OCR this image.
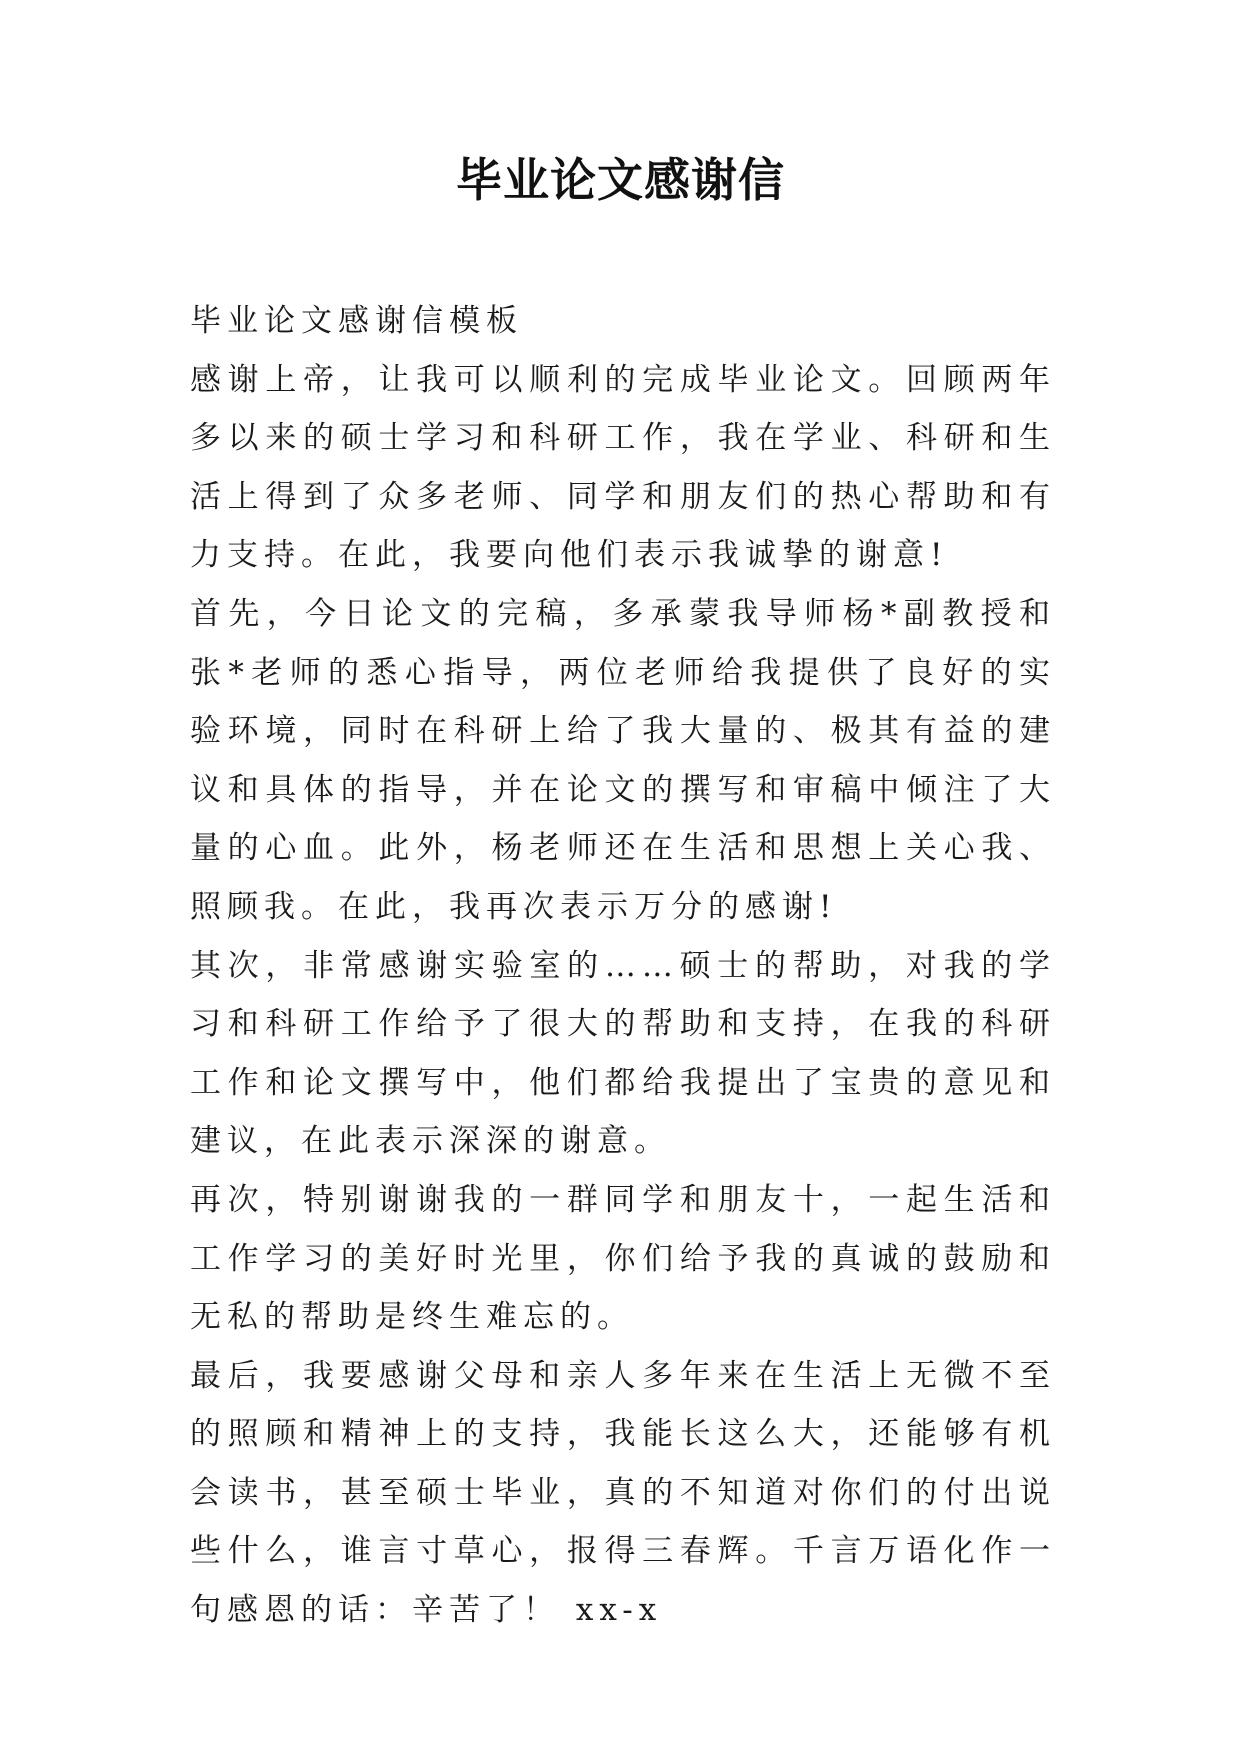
毕业论文感谢信

毕业论文感谢信模板

感谢上帝，让我可以顺利的完成毕业论文。回顾两年多以来的硕士学习和科研工作，我在学业、科研和生活上得到了众多老师、同学和朋友们的热心帮助和有力支持。在此，我要向他们表示我诚挚的谢意!

首先，今日论文的完稿，多承蒙我导师杨*副教授和张*老师的悉心指导，两位老师给我提供了良好的实验环境，同时在科研上给了我大量的、极其有益的建议和具体的指导，并在论文的撰写和审稿中倾注了大量的心血。此外，杨老师还在生活和思想上关心我、照顾我。在此，我再次表示万分的感谢!

其次，非常感谢实验室的……硕士的帮助，对我的学习和科研工作给予了很大的帮助和支持，在我的科研工作和论文撰写中，他们都给我提出了宝贵的意见和建议，在此表示深深的谢意。

再次，特别谢谢我的一群同学和朋友十，一起生活和工作学习的美好时光里，你们给予我的真诚的鼓励和无私的帮助是终生难忘的。

最后，我要感谢父母和亲人多年来在生活上无微不至的照顾和精神上的支持，我能长这么大，还能够有机会读书，甚至硕士毕业，真的不知道对你们的付出说些什么，谁言寸草心，报得三春辉。千言万语化作一句感恩的话：辛苦了！ xx-x
